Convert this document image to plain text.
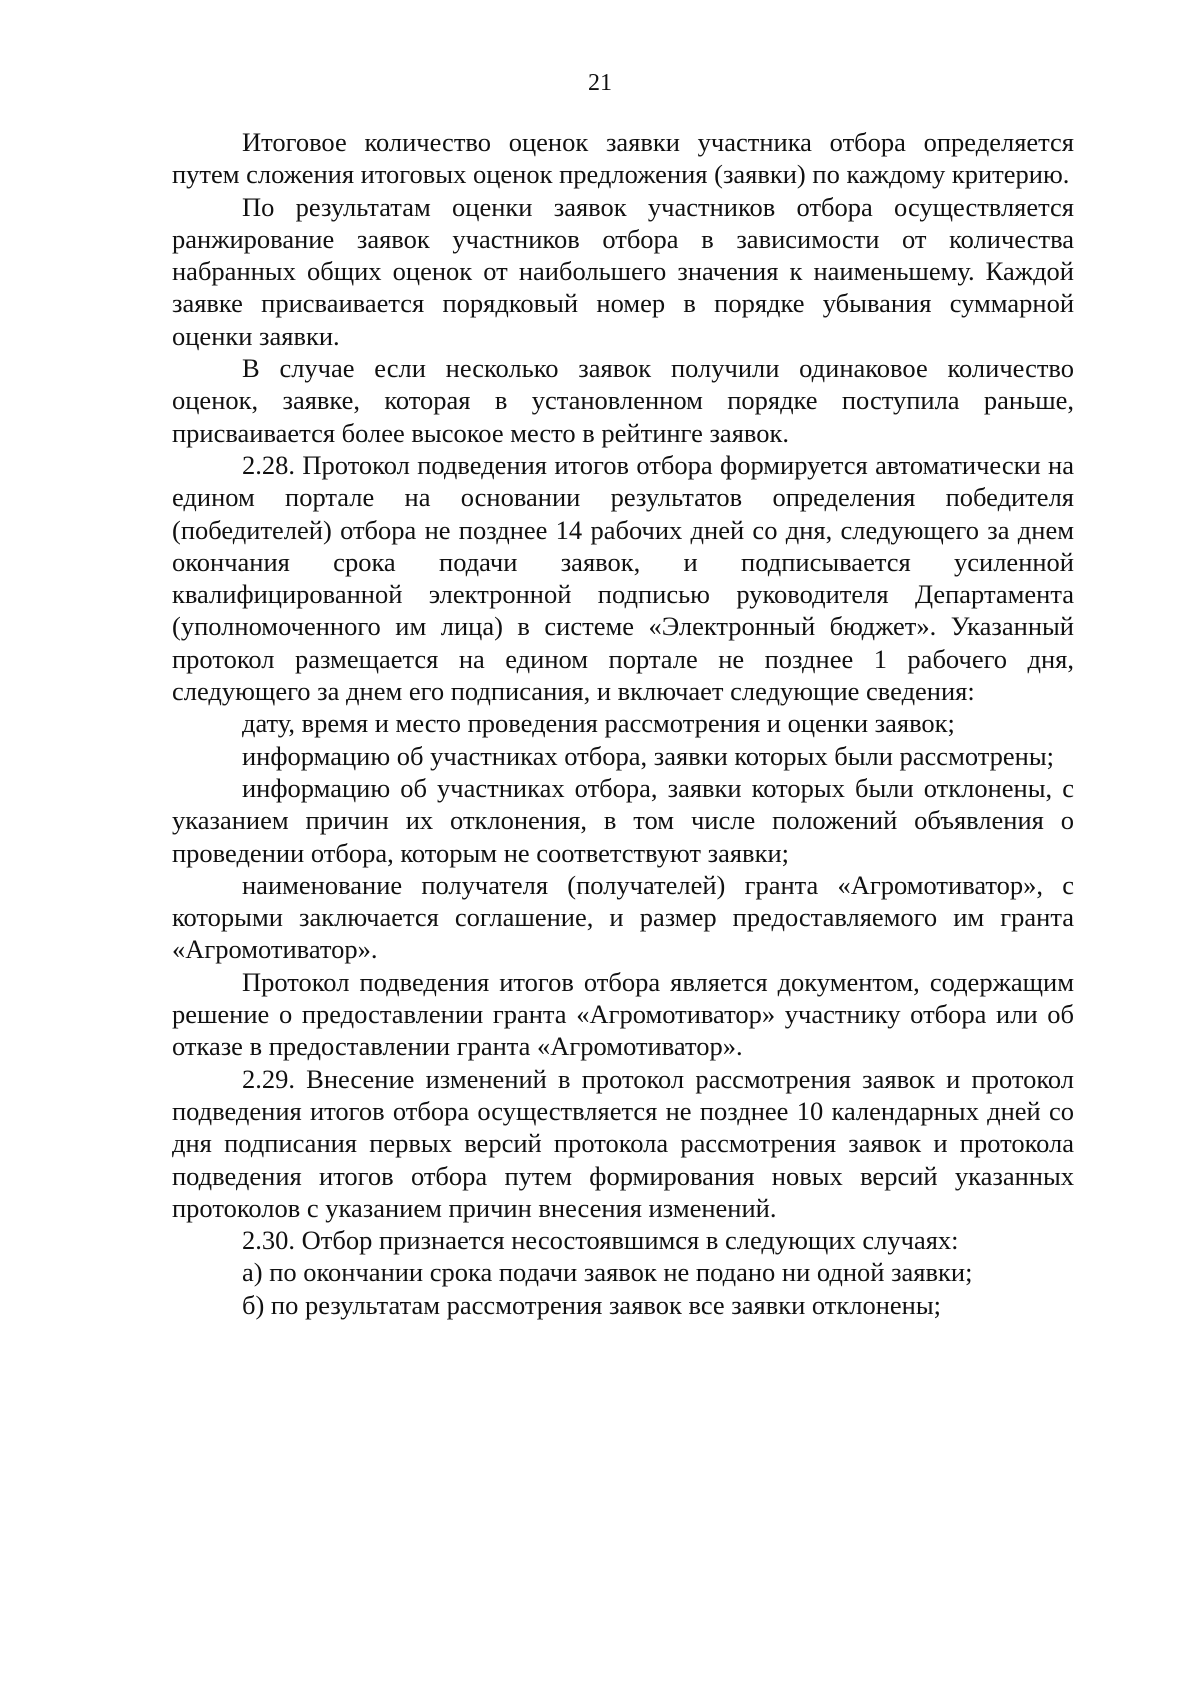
21

Итоговое количество оценок заявки участника отбора определяется путем сложения итоговых оценок предложения (заявки) по каждому критерию.

По результатам оценки заявок участников отбора осуществляется ранжирование заявок участников отбора в зависимости от количества набранных общих оценок от наибольшего значения к наименьшему. Каждой заявке присваивается порядковый номер в порядке убывания суммарной оценки заявки.

В случае если несколько заявок получили одинаковое количество оценок, заявке, которая в установленном порядке поступила раньше, присваивается более высокое место в рейтинге заявок.

2.28. Протокол подведения итогов отбора формируется автоматически на едином портале на основании результатов определения победителя (победителей) отбора не позднее 14 рабочих дней со дня, следующего за днем окончания срока подачи заявок, и подписывается усиленной квалифицированной электронной подписью руководителя Департамента (уполномоченного им лица) в системе «Электронный бюджет». Указанный протокол размещается на едином портале не позднее 1 рабочего дня, следующего за днем его подписания, и включает следующие сведения:

дату, время и место проведения рассмотрения и оценки заявок;

информацию об участниках отбора, заявки которых были рассмотрены;

информацию об участниках отбора, заявки которых были отклонены, с указанием причин их отклонения, в том числе положений объявления о проведении отбора, которым не соответствуют заявки;

наименование получателя (получателей) гранта «Агромотиватор», с которыми заключается соглашение, и размер предоставляемого им гранта «Агромотиватор».

Протокол подведения итогов отбора является документом, содержащим решение о предоставлении гранта «Агромотиватор» участнику отбора или об отказе в предоставлении гранта «Агромотиватор».

2.29. Внесение изменений в протокол рассмотрения заявок и протокол подведения итогов отбора осуществляется не позднее 10 календарных дней со дня подписания первых версий протокола рассмотрения заявок и протокола подведения итогов отбора путем формирования новых версий указанных протоколов с указанием причин внесения изменений.

2.30. Отбор признается несостоявшимся в следующих случаях:

а) по окончании срока подачи заявок не подано ни одной заявки;

б) по результатам рассмотрения заявок все заявки отклонены;
